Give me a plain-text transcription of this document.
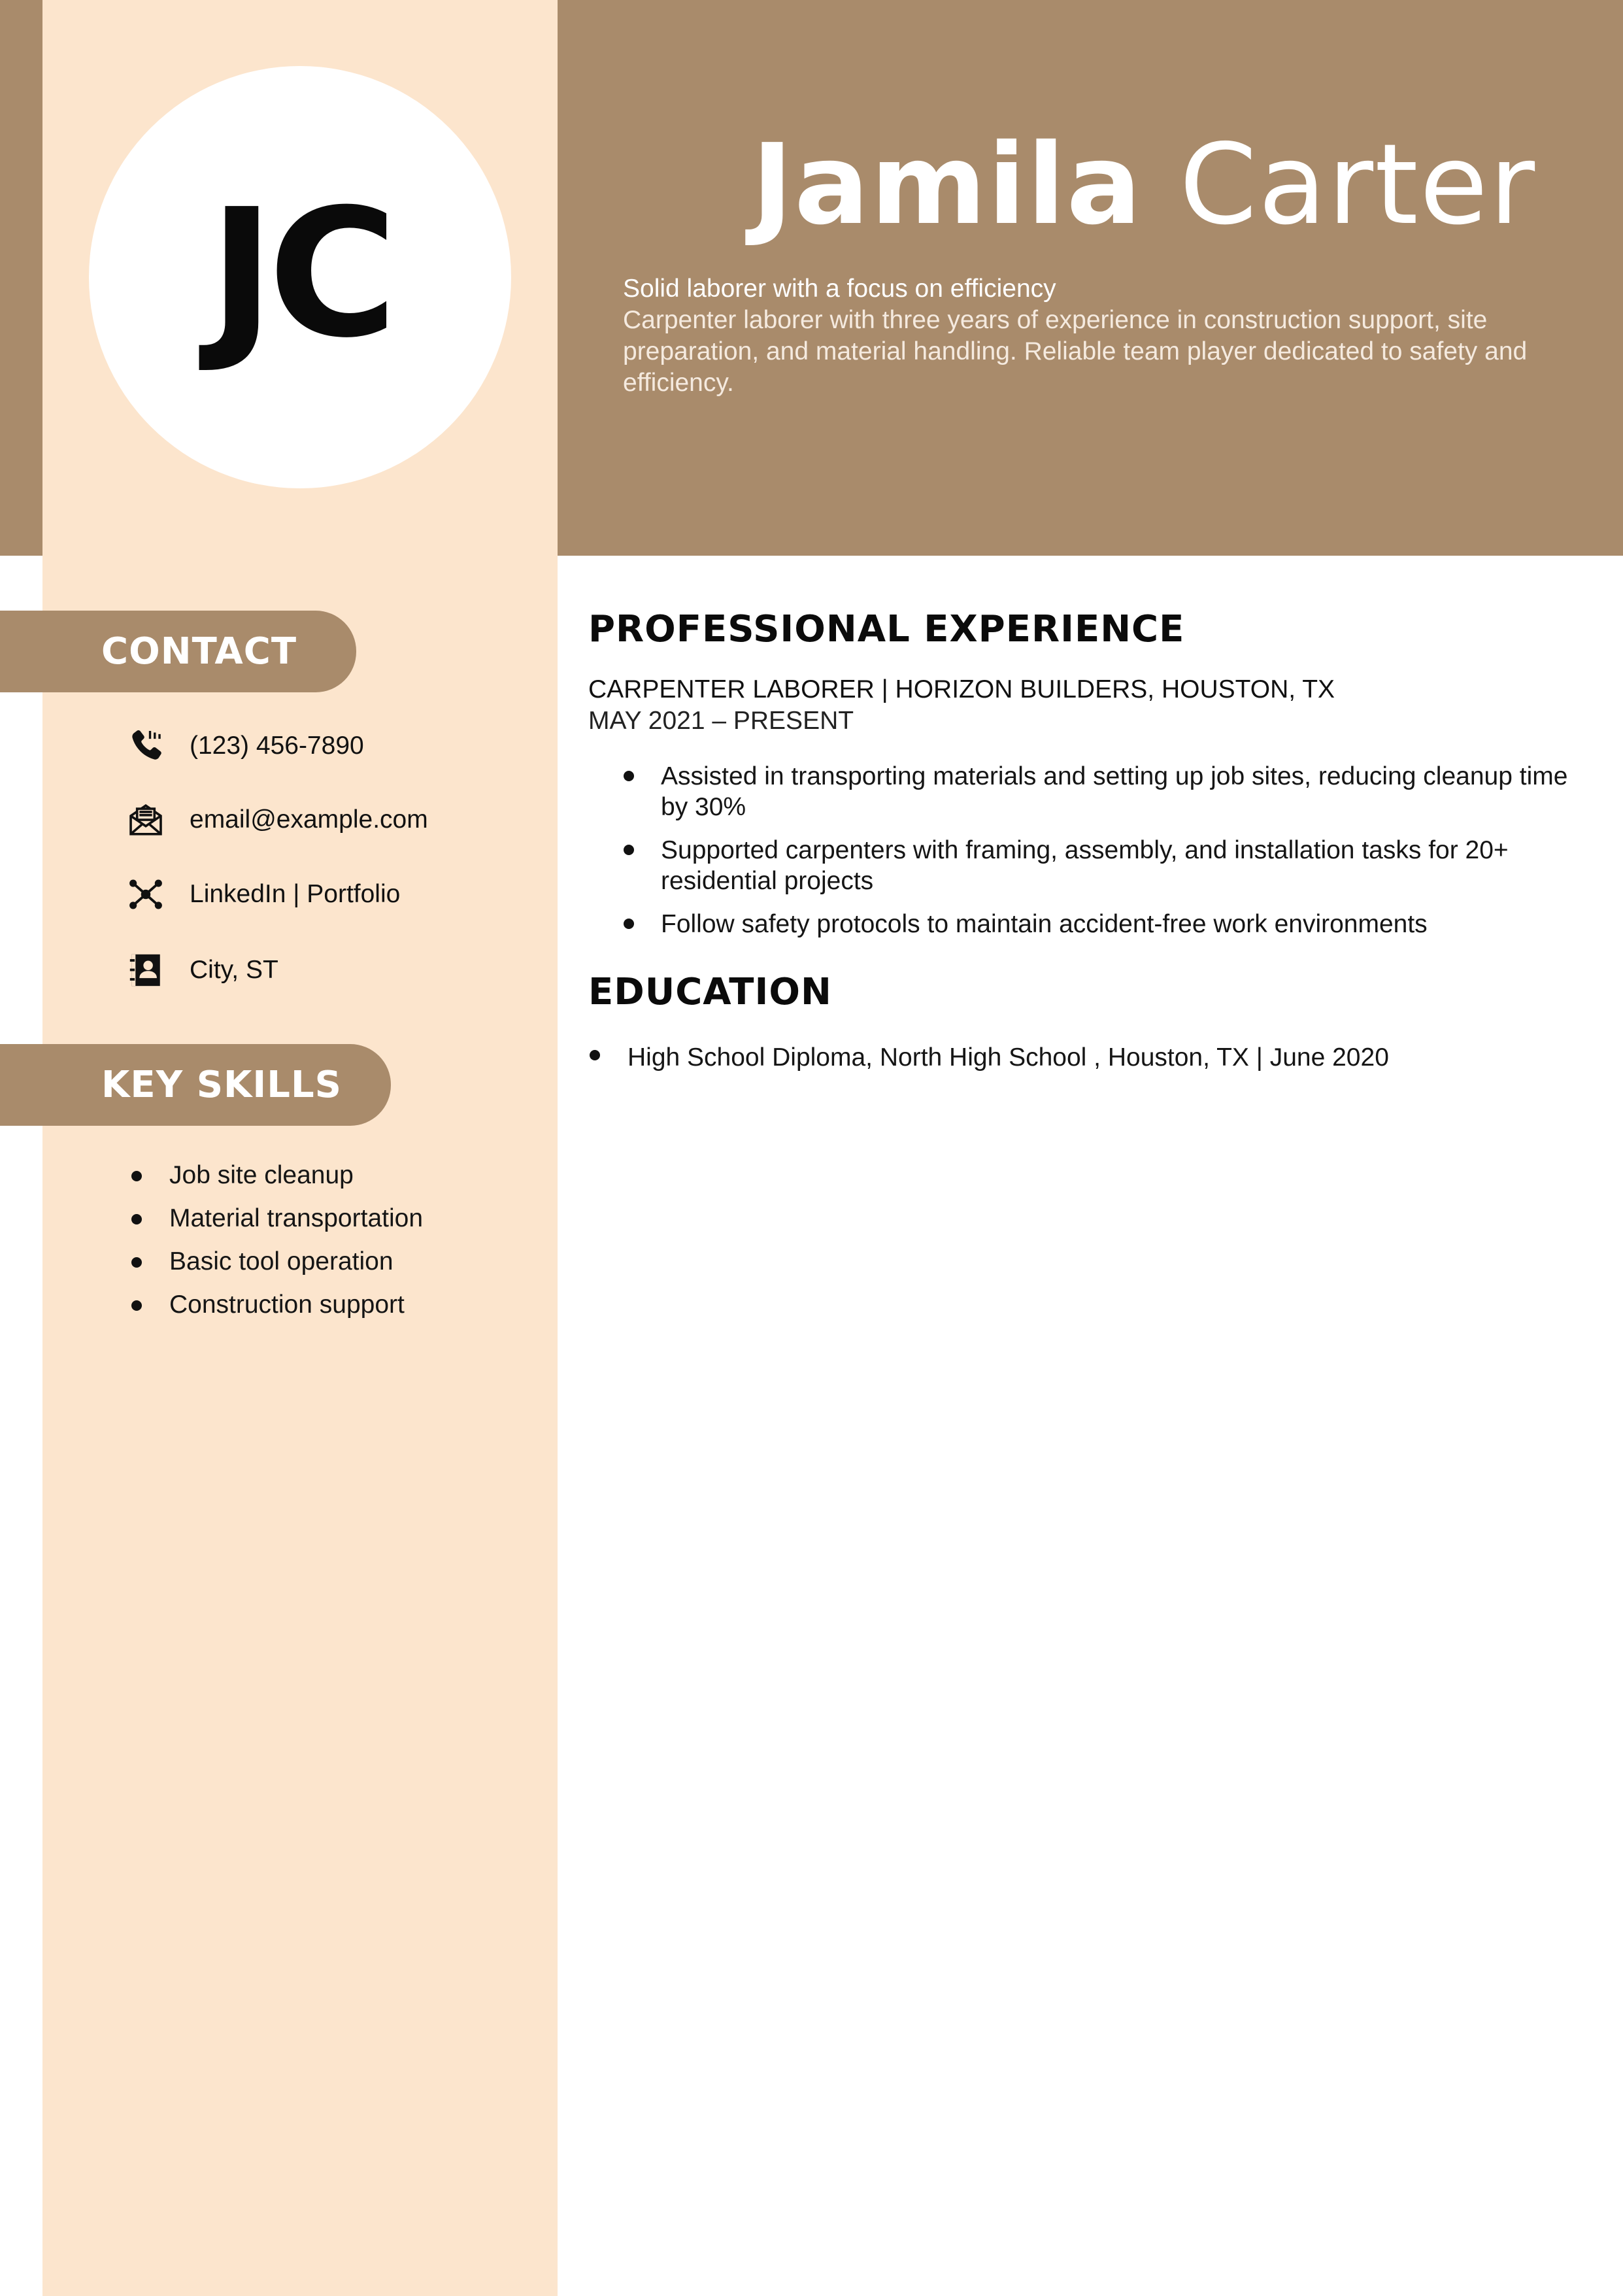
JC	Jamila Carter
Solid laborer with a focus on efficiency
Carpenter laborer with three years of experience in construction support, site preparation, and material handling. Reliable team player dedicated to safety and efficiency.
CONTACT
(123) 456-7890
email@example.com
LinkedIn | Portfolio
City, ST
KEY SKILLS
Job site cleanup
Material transportation
Basic tool operation
Construction support
PROFESSIONAL EXPERIENCE
CARPENTER LABORER | HORIZON BUILDERS, HOUSTON, TX
MAY 2021 – PRESENT
Assisted in transporting materials and setting up job sites, reducing cleanup time by 30%
Supported carpenters with framing, assembly, and installation tasks for 20+ residential projects
Follow safety protocols to maintain accident-free work environments
EDUCATION
High School Diploma, North High School , Houston, TX | June 2020
